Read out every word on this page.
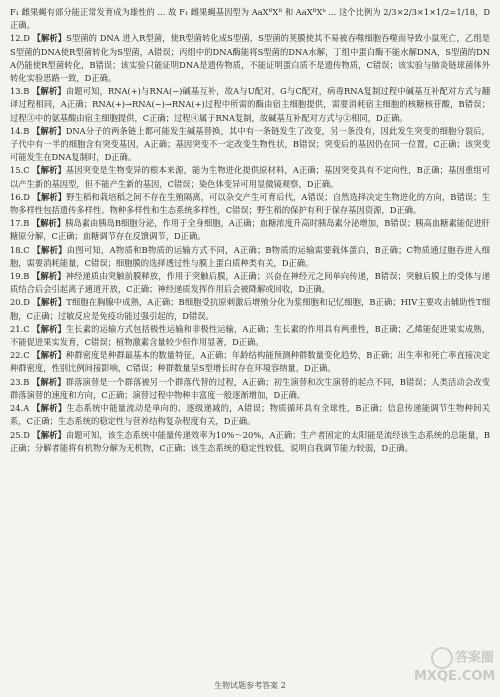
F₁ 雌果蝇有部分能正常发育成为雄性的 ... 故 F₁ 雌果蝇基因型为 AaXᴮXᴮ 和 AaXᴮXᵇ ... 这个比例为 2/3×2/3×1×1/2=1/18，D 正确。

12.D 【解析】S型菌的 DNA 进入R型菌，使R型菌转化成S型菌，S型菌的荚膜使其不易被吞噬细胞吞噬而导致小鼠死亡，乙组是S型菌的DNA使R型菌转化为S型菌，A错误；丙组中的DNA酶能将S型菌的DNA水解，丁组中蛋白酶不能水解DNA，S型菌的DNA仍能使R型菌转化，B错误；该实验只能证明DNA是遗传物质，不能证明蛋白质不是遗传物质，C错误；该实验与肺炎链球菌体外转化实验思路一致，D正确。

13.B 【解析】由题可知，RNA(+)与RNA(−)碱基互补，故A与U配对，G与C配对，病毒RNA复制过程中碱基互补配对方式与翻译过程相同，A正确；RNA(+)→RNA(−)→RNA(+)过程中所需的酶由宿主细胞提供，需要消耗宿主细胞的核糖核苷酸，B错误；过程③中的氨基酸由宿主细胞提供，C正确；过程④属于RNA复制，故碱基互补配对方式与②相同，D正确。

14.B 【解析】DNA分子的两条链上都可能发生碱基替换，其中有一条链发生了改变，另一条没有，因此发生突变的细胞分裂后，子代中有一半的细胞含有突变基因，A正确；基因突变不一定改变生物性状，B错误；突变后的基因仍在同一位置，C正确；该突变可能发生在DNA复制时，D正确。

15.C 【解析】基因突变是生物变异的根本来源，能为生物进化提供原材料，A正确；基因突变具有不定向性，B正确；基因重组可以产生新的基因型，但不能产生新的基因，C错误；染色体变异可用显微镜观察，D正确。

16.D 【解析】野生稻和栽培稻之间不存在生殖隔离，可以杂交产生可育后代，A错误；自然选择决定生物进化的方向，B错误；生物多样性包括遗传多样性、物种多样性和生态系统多样性，C错误；野生稻的保护有利于保存基因资源，D正确。

17.B 【解析】胰岛素由胰岛B细胞分泌，作用于全身细胞，A正确；血糖浓度升高时胰岛素分泌增加，B错误；胰高血糖素能促进肝糖原分解，C正确；血糖调节存在反馈调节，D正确。

18.C 【解析】由图可知，A物质和B物质的运输方式不同，A正确；B物质的运输需要载体蛋白，B正确；C物质通过胞吞进入细胞，需要消耗能量，C错误；细胞膜的选择透过性与膜上蛋白质种类有关，D正确。

19.B 【解析】神经递质由突触前膜释放，作用于突触后膜，A正确；兴奋在神经元之间单向传递，B错误；突触后膜上的受体与递质结合后会引起离子通道开放，C正确；神经递质发挥作用后会被降解或回收，D正确。

20.D 【解析】T细胞在胸腺中成熟，A正确；B细胞受抗原刺激后增殖分化为浆细胞和记忆细胞，B正确；HIV主要攻击辅助性T细胞，C正确；过敏反应是免疫功能过强引起的，D错误。

21.C 【解析】生长素的运输方式包括极性运输和非极性运输，A正确；生长素的作用具有两重性，B正确；乙烯能促进果实成熟，不能促进果实发育，C错误；植物激素含量较少但作用显著，D正确。

22.C 【解析】种群密度是种群最基本的数量特征，A正确；年龄结构能预测种群数量变化趋势，B正确；出生率和死亡率直接决定种群密度，性别比例间接影响，C错误；种群数量呈S型增长时存在环境容纳量，D正确。

23.B 【解析】群落演替是一个群落被另一个群落代替的过程，A正确；初生演替和次生演替的起点不同，B错误；人类活动会改变群落演替的速度和方向，C正确；演替过程中物种丰富度一般逐渐增加，D正确。

24.A 【解析】生态系统中能量流动是单向的、逐级递减的，A错误；物质循环具有全球性，B正确；信息传递能调节生物种间关系，C正确；生态系统的稳定性与营养结构复杂程度有关，D正确。

25.D 【解析】由题可知，该生态系统中能量传递效率为10%～20%，A正确；生产者固定的太阳能是流经该生态系统的总能量，B正确；分解者能将有机物分解为无机物，C正确；该生态系统的稳定性较低，说明自我调节能力较弱，D正确。

生物试题参考答案 2
答案圈
MXQE.COM
